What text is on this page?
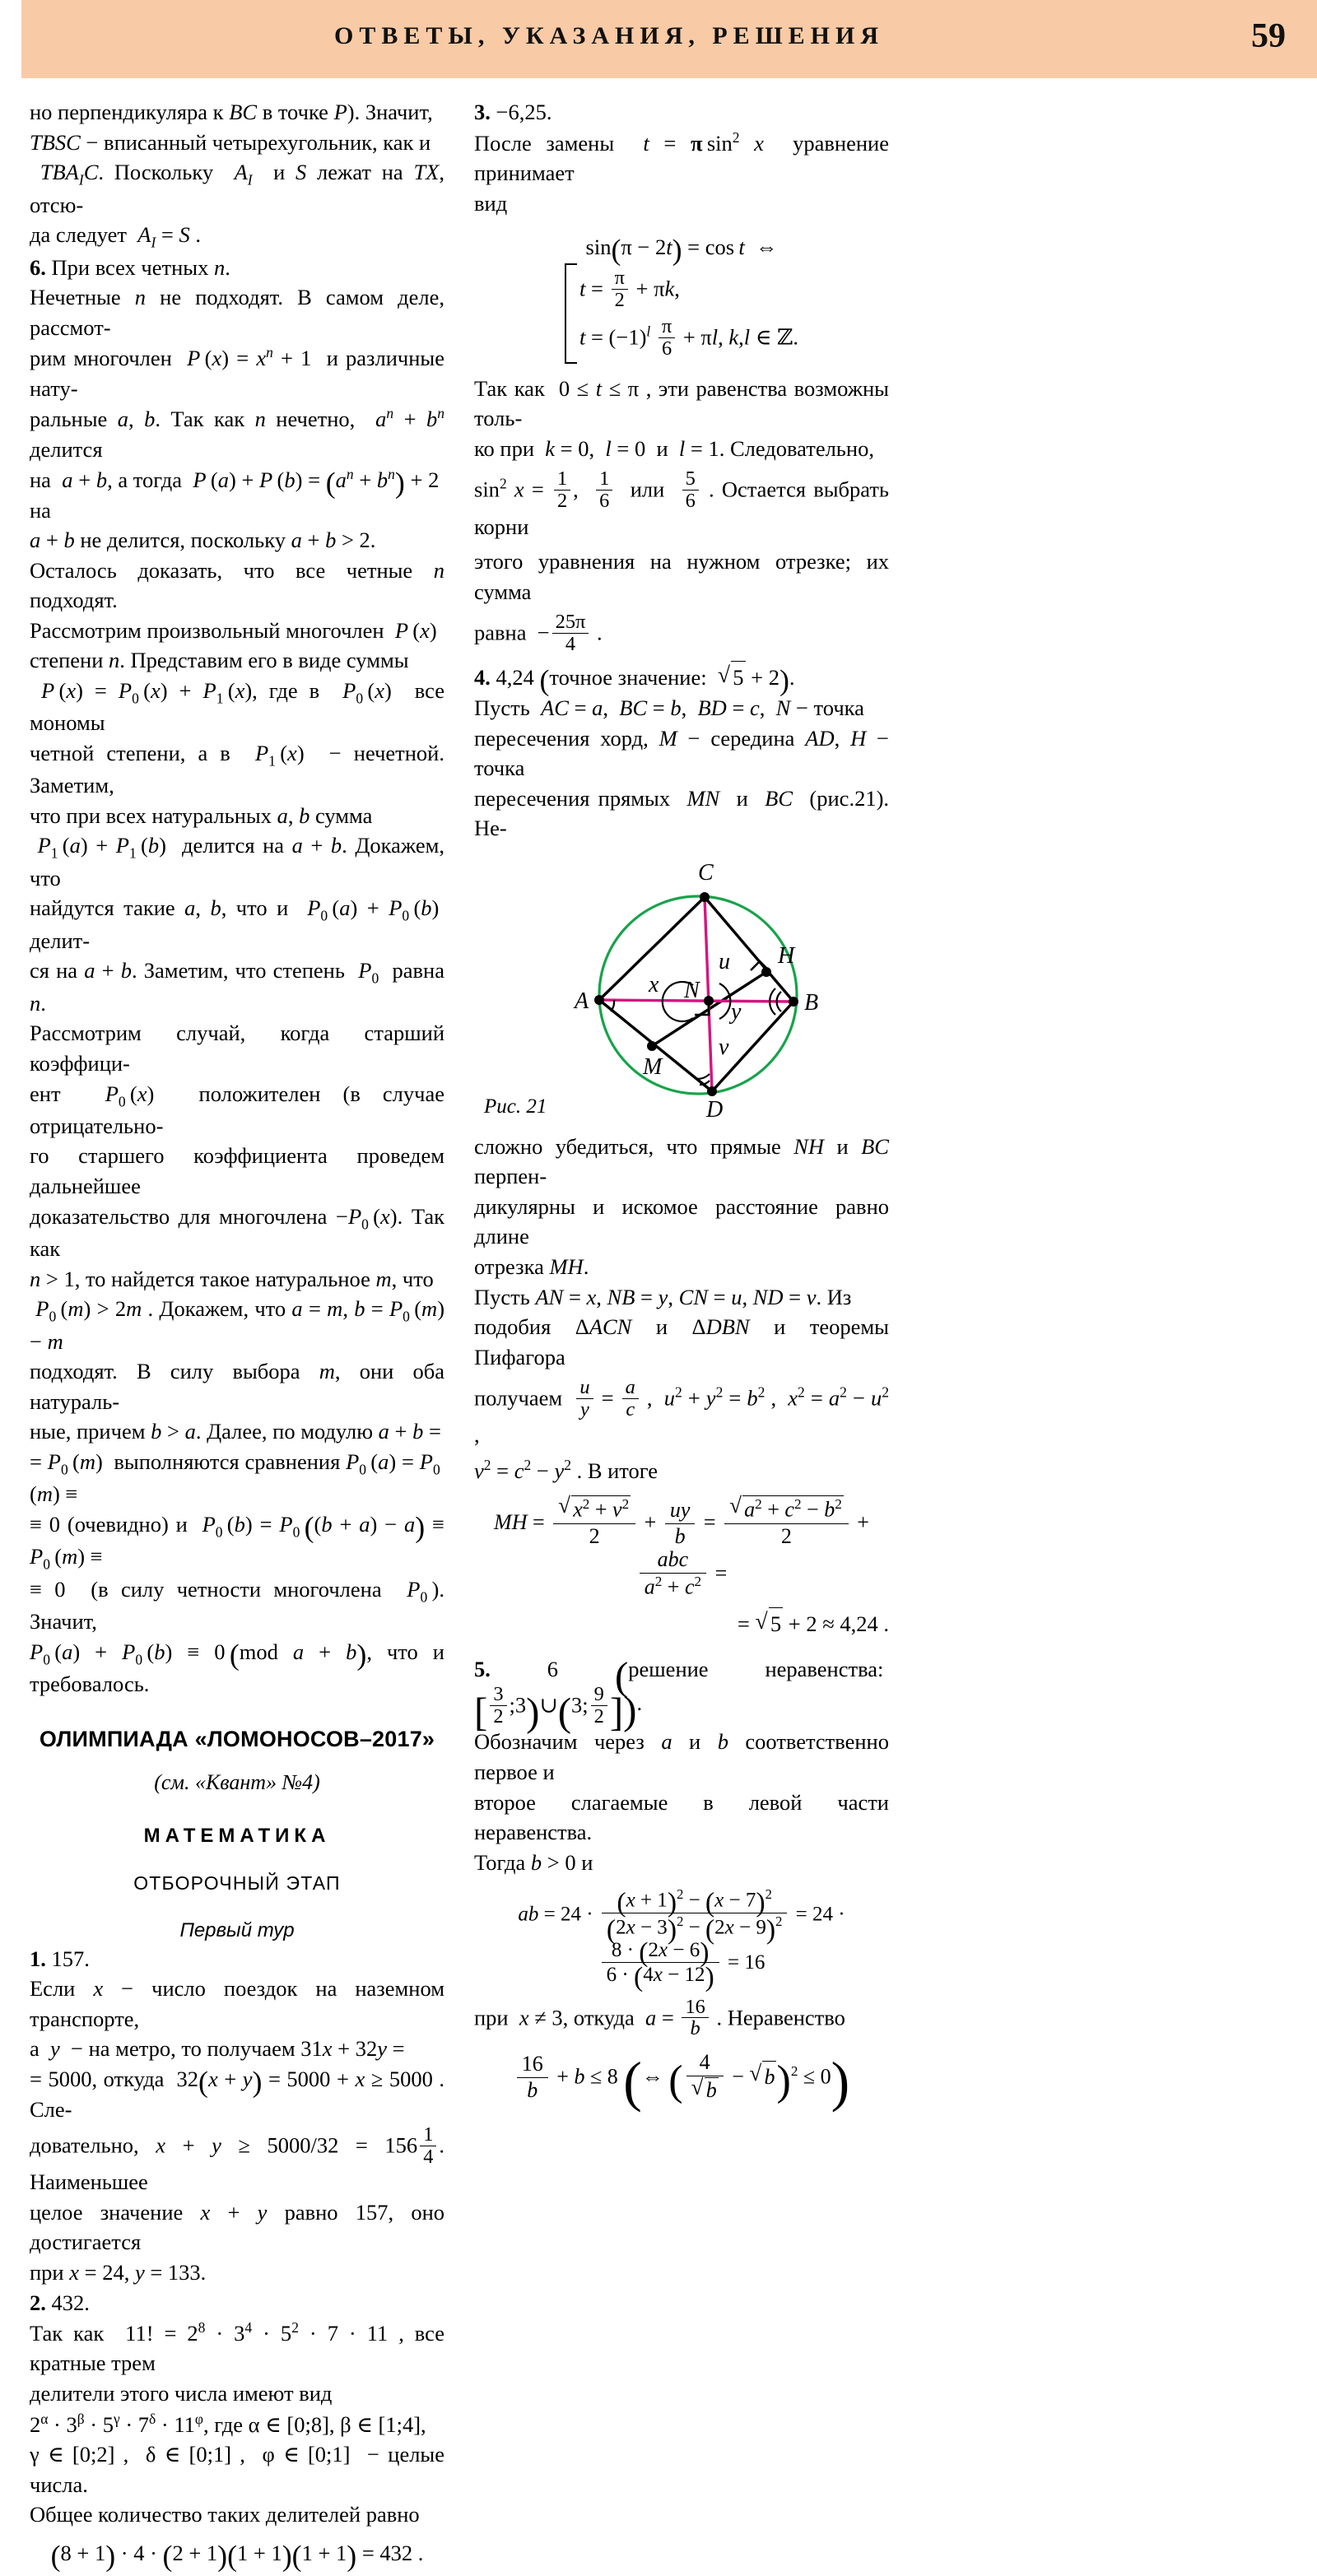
ОТВЕТЫ, УКАЗАНИЯ, РЕШЕНИЯ	59

но перпендикуляра к BC в точке P). Значит,

TBSC − вписанный четырехугольник, как и

$TBA_IC$. Поскольку  $A_I$  и S лежат на TX, отсю-

да следует  $A_I = S$ .

6. При всех четных n.

Нечетные n не подходят. В самом деле, рассмот-

рим многочлен  P $(x) = x^n + 1$  и различные нату-

ральные a, b. Так как n нечетно,  $a^n + b^n$ делится

на  a + b, а тогда  P (a) + P $(b) = (a^n + b^n) + 2$  на

a + b не делится, поскольку a + b > 2.

Осталось доказать, что все четные n подходят.

Рассмотрим произвольный многочлен  P (x)

степени n. Представим его в виде суммы

P $(x) = P_0$ $(x) + P_1$ (x), где в  $P_0$ (x)  все мономы

четной степени, а в  $P_1$ (x)  − нечетной. Заметим,

что при всех натуральных a, b сумма

$P_1$ $(a) + P_1$ (b)  делится на a + b. Докажем, что

найдутся такие a, b, что и  $P_0$ $(a) + P_0$ (b)  делит-

ся на a + b. Заметим, что степень  $P_0$  равна n.

Рассмотрим случай, когда старший коэффици-

ент  $P_0$ (x)  положителен (в случае отрицательно-

го старшего коэффициента проведем дальнейшее

доказательство для многочлена $-P_0$ (x). Так как

n > 1, то найдется такое натуральное m, что

$P_0$ (m) > 2m . Докажем, что a = m, $b = P_0$ (m) − m

подходят. В силу выбора m, они оба натураль-

ные, причем b > a. Далее, по модулю a + b =

= $P_0$ (m)  выполняются сравнения $P_0$ $(a) = P_0$ (m) ≡

≡ 0 (очевидно) и  $P_0$ $(b) = P_0$  $((b + a) - a) \equiv P_0$ (m) ≡

≡ 0  (в силу четности многочлена  $P_0$ ). Значит,

$P_0$ $(a) + P_0$ (b) ≡ 0 (mod a + b), что и требовалось.

ОЛИМПИАДА «ЛОМОНОСОВ–2017»
(см. «Квант» №4)
МАТЕМАТИКА
ОТБОРОЧНЫЙ ЭТАП
Первый тур

1. 157.

Если x − число поездок на наземном транспорте,

а  y  − на метро, то получаем 31x + 32y =

= 5000, откуда  32(x + y) = 5000 + x ≥ 5000 . Сле-

довательно, $x + y \ge 5000/32 = 156 \frac{1}{4}$ . Наименьшее

целое значение x + y равно 157, оно достигается

при x = 24, y = 133.

2. 432.

Так как  11! = $2^8 \cdot 3^4 \cdot 5^2 \cdot 7 \cdot 11$ , все кратные трем

делители этого числа имеют вид

$2^\alpha \cdot 3^\beta \cdot 5^\gamma \cdot 7^\delta \cdot 11^\varphi$, где α ∈ [0;8], β ∈ [1;4],

γ ∈ [0;2] ,  δ ∈ [0;1] ,  φ ∈ [0;1]  − целые числа.

Общее количество таких делителей равно

(8 + 1) · 4 · (2 + 1)(1 + 1)(1 + 1) = 432 .

3. −6,25.

После замены  t = π $\sin^2 x$  уравнение принимает

вид

sin(π − 2t) = cos t  ⇔
$t = \frac{\pi}{2} + \pi k$,
$t = (-1)^l \frac{\pi}{6} + \pi l$, k,l ∈ ℤ.

Так как  0 ≤ t ≤ π , эти равенства возможны толь-

ко при  k = 0,  l = 0  и  l = 1. Следовательно,

$\sin^2 x = \frac{1}{2}$ , $\frac{1}{6}$ или $\frac{5}{6}$ . Остается выбрать корни

этого уравнения на нужном отрезке; их сумма

равна  − $\frac{25\pi}{4}$ .

4. 4,24 (точное значение:  √ 5 + 2).

Пусть  AC = a,  BC = b,  BD = c,  N − точка

пересечения хорд, M − середина AD, H − точка

пересечения прямых  MN  и  BC  (рис.21). Не-

A	B
C
D
H
M
N
x
y
u
v
Рис. 21

сложно убедиться, что прямые NH и BC перпен-

дикулярны и искомое расстояние равно длине

отрезка MH.

Пусть AN = x, NB = y, CN = u, ND = v. Из

подобия ΔACN и ΔDBN и теоремы Пифагора

получаем $\frac{u}{y} = \frac{a}{c}$ ,  $u^2 + y^2 = b^2$ ,  $x^2 = a^2 - u^2$ ,

$v^2 = c^2 - y^2$ . В итоге

MH = √ $\frac{x^2 + v^2}{2} + \frac{uy}{b}$ = √ $\frac{a^2 + c^2 - b^2}{2}$ +
abc
$a^2 + c^2$ =
= √ 5 + 2 ≈ 4,24 .

5. 6 (решение неравенства:  [ $\frac{3}{2}$ ;3)∪(3; $\frac{9}{2}$ ]).

Обозначим через a и b соответственно первое и

второе слагаемые в левой части неравенства.

Тогда b > 0 и

ab = $24 \cdot \frac{(x + 1)^2 - (x - 7)^2}{(2x - 3)^2 - (2x - 9)^2} = 24$ ·
$\frac{8 \cdot (2x - 6)}{6 \cdot (4x - 12)} = 16$

при  x ≠ 3, откуда  $a = \frac{16}{b}$ . Неравенство

$\frac{16}{b} + b \le 8$ (⇔ ( 4
√ b − √ b)$^2$ ≤ 0)
